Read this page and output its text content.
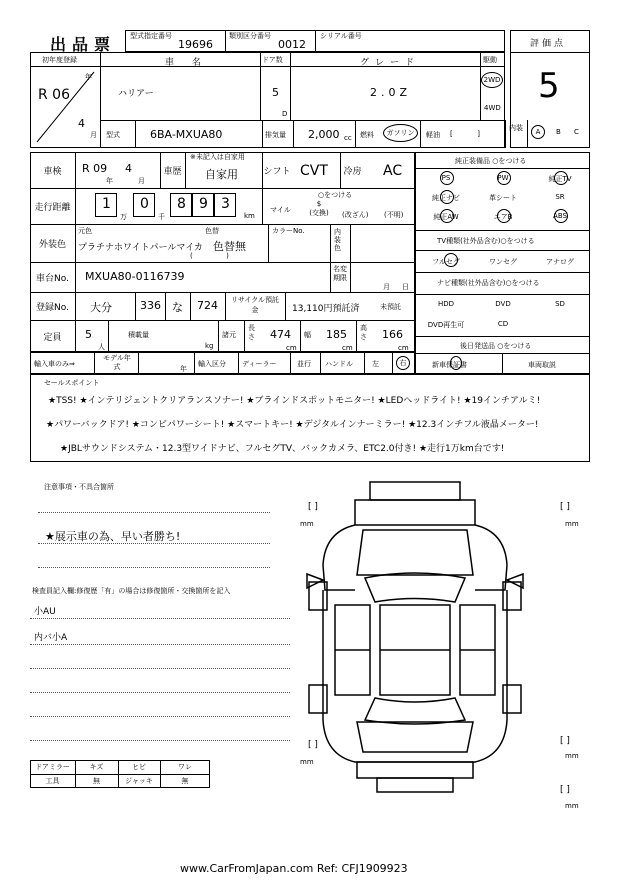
出品票 型式指定番号
19696
類別区分番号
0012
シリアル番号
評価点
5
初年度登録
R 06
年
4
月
車名
ハリアー
ドア数
5
D
グレード
2.0Z
駆動
2WD
4WD
型式	6BA-MXUA80	排気量 2,000 cc 燃料	ガソリン	軽油 [           ]
内装	A	B C
車検	R 09
年
4
月
車歴
※未記入は自家用
自家用	シフト CVT	冷房 AC
走行距離	1
万
0
千
8 9 3
km
○をつける
マイル
$
(交換)	(改ざん) (不明)
外装色
元色
プラチナホワイトパールマイカ
色替
色替無
(               )
カラーNo.	内装色
車台No.	MXUA80-0116739
名変期限
月 日
登録No.	大分	336 な 724 リサイクル預託金	13,110円預託済	未預託
定員	5
人
積載量
kg
諸元
長さ 474
cm
幅 185
cm
高さ 166
cm
輸入車のみ⇒
モデル年式	年
輸入区分 ディーラー	並行 ハンドル	左	右
純正装備品 ○をつける
PS	PW	純正TV
純正ナビ	革シート	SR
純正AW	エアB	ABS
TV種類(社外品含む)○をつける
フルセグ	ワンセグ	アナログ
ナビ種類(社外品含む)○をつける
HDD	DVD	SD
DVD再生可	CD
後日発送品 ○をつける
新車保証書	車両取説
セールスポイント
★TSS! ★インテリジェントクリアランスソナー! ★ブラインドスポットモニター! ★LEDヘッドライト! ★19インチアルミ!
★パワーバックドア! ★コンビパワーシート! ★スマートキー! ★デジタルインナーミラー! ★12.3インチフル液晶メーター!
★JBLサウンドシステム・12.3型ワイドナビ、フルセグTV、バックカメラ、ETC2.0付き! ★走行1万km台です!
注意事項・不具合箇所
★展示車の為、早い者勝ち!
検査員記入欄:修復歴「有」の場合は修復箇所・交換箇所を記入
小AU
内バ小A
ドアミラー	キズ	ヒビ	ワレ
工具	無	ジャッキ	無
[ ]
mm
[ ]
mm
[ ]
mm
[ ]
mm
[ ]
mm
www.CarFromJapan.com Ref: CFJ1909923
